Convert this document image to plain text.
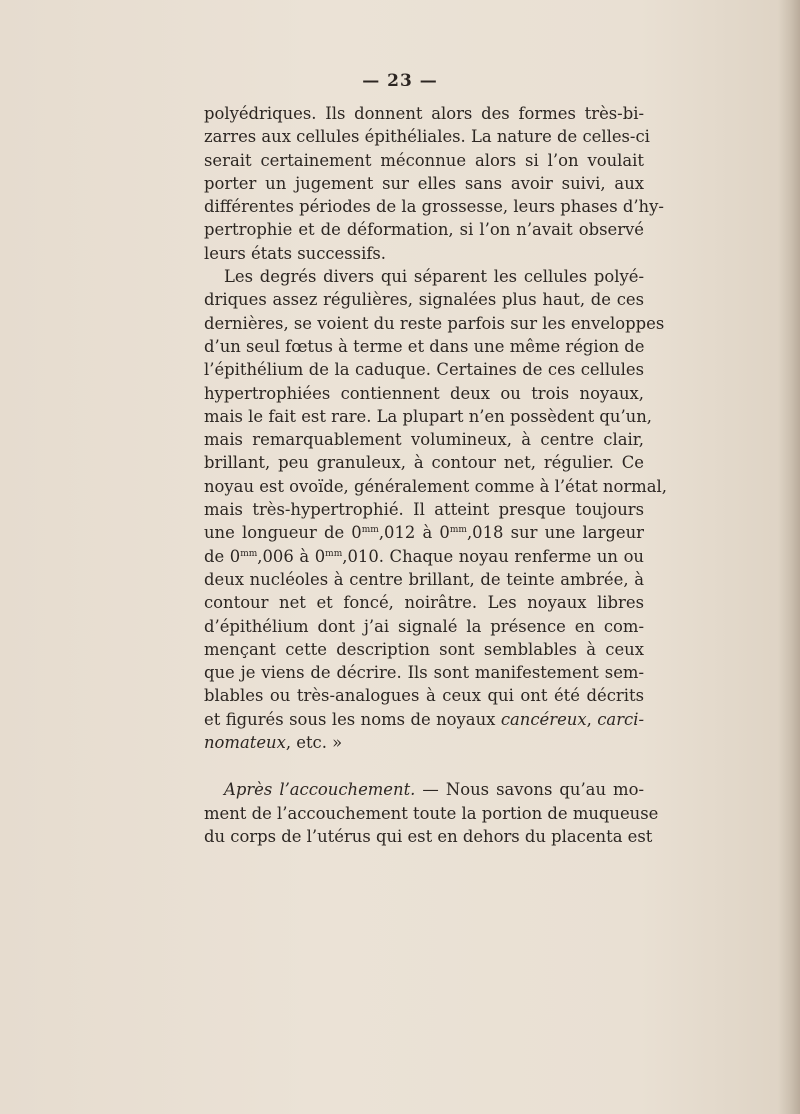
— 23 —
polyédriques. Ils donnent alors des formes très-bi-
zarres aux cellules épithéliales. La nature de celles-ci
serait certainement méconnue alors si l’on voulait
porter un jugement sur elles sans avoir suivi, aux
différentes périodes de la grossesse, leurs phases d’hy-
pertrophie et de déformation, si l’on n’avait observé
leurs états successifs.
Les degrés divers qui séparent les cellules polyé-
driques assez régulières, signalées plus haut, de ces
dernières, se voient du reste parfois sur les enveloppes
d’un seul fœtus à terme et dans une même région de
l’épithélium de la caduque. Certaines de ces cellules
hypertrophiées contiennent deux ou trois noyaux,
mais le fait est rare. La plupart n’en possèdent qu’un,
mais remarquablement volumineux, à centre clair,
brillant, peu granuleux, à contour net, régulier. Ce
noyau est ovoïde, généralement comme à l’état normal,
mais très-hypertrophié. Il atteint presque toujours
une longueur de $0^{mm},012$ à $0^{mm},018$ sur une largeur
de $0^{mm},006$ à $0^{mm},010$. Chaque noyau renferme un ou
deux nucléoles à centre brillant, de teinte ambrée, à
contour net et foncé, noirâtre. Les noyaux libres
d’épithélium dont j’ai signalé la présence en com-
mençant cette description sont semblables à ceux
que je viens de décrire. Ils sont manifestement sem-
blables ou très-analogues à ceux qui ont été décrits
et figurés sous les noms de noyaux cancéreux, carci-
nomateux, etc. »
Après l’accouchement. — Nous savons qu’au mo-
ment de l’accouchement toute la portion de muqueuse
du corps de l’utérus qui est en dehors du placenta est
